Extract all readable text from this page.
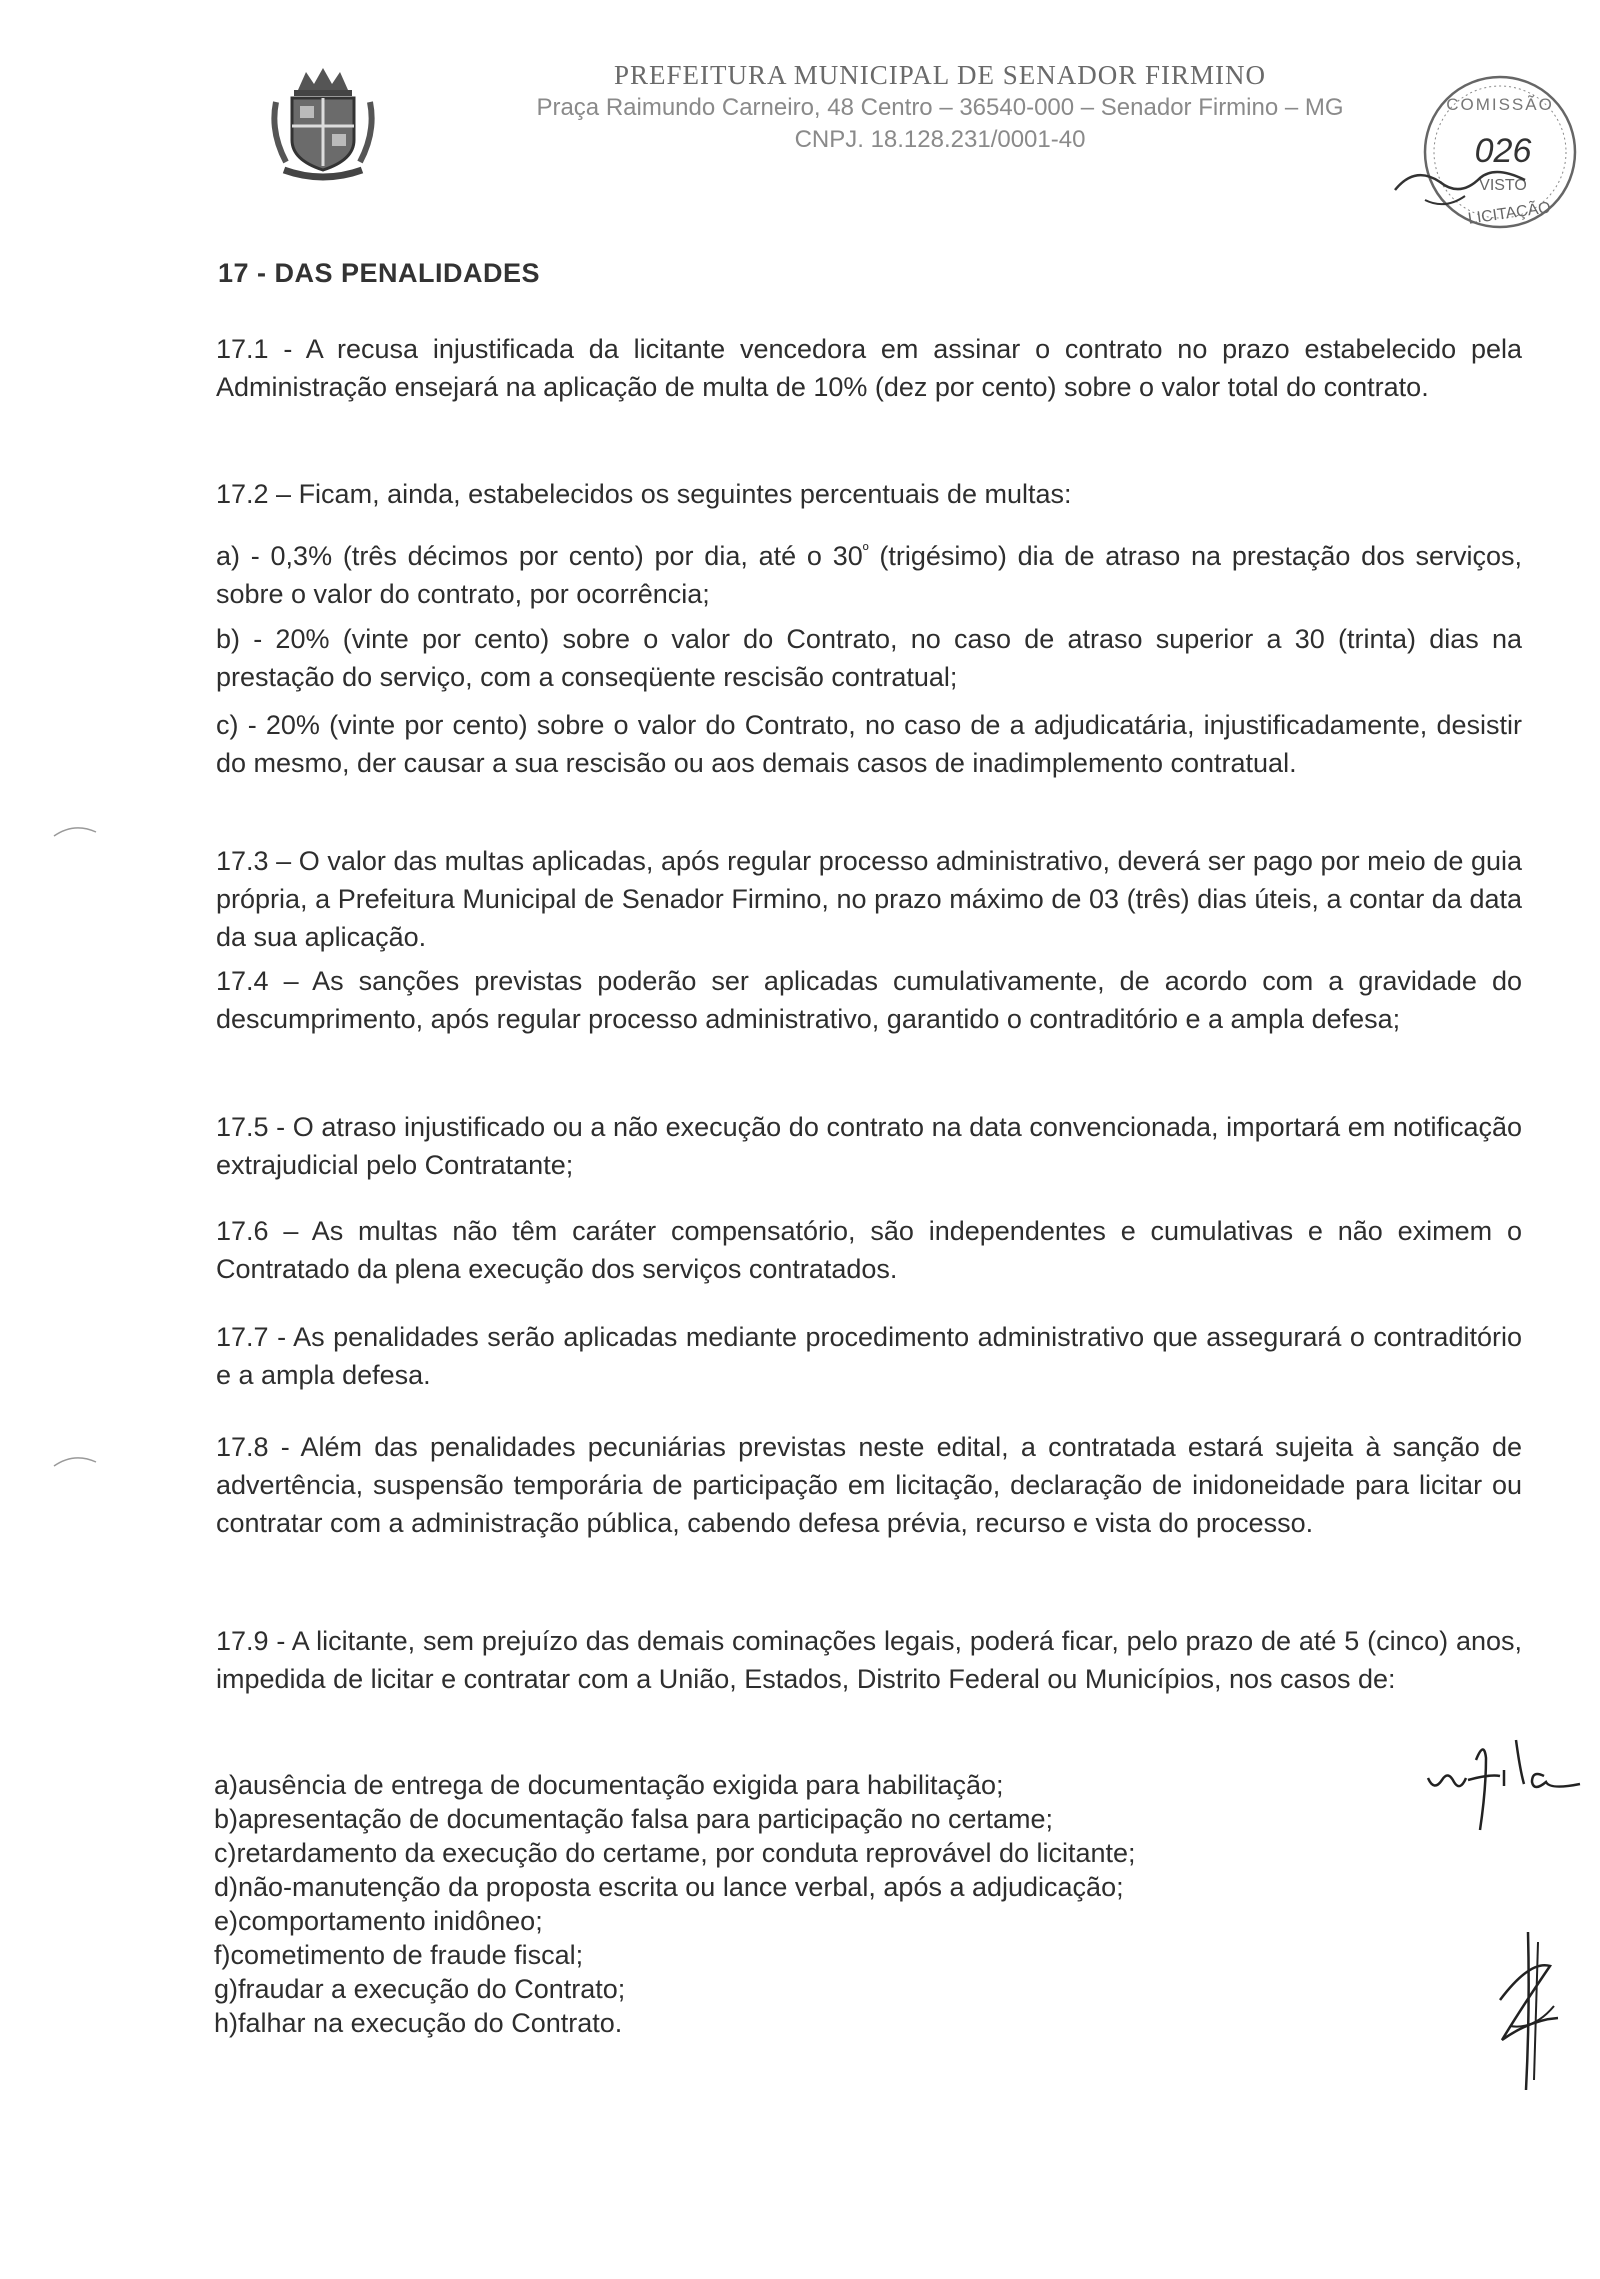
PREFEITURA MUNICIPAL DE SENADOR FIRMINO
Praça Raimundo Carneiro, 48 Centro – 36540-000 – Senador Firmino – MG
CNPJ. 18.128.231/0001-40
COMISSÃO
026
VISTO
LICITAÇÃO
17 - DAS PENALIDADES
17.1 - A recusa injustificada da licitante vencedora em assinar o contrato no prazo estabelecido pela Administração ensejará na aplicação de multa de 10% (dez por cento) sobre o valor total do contrato.
17.2 – Ficam, ainda, estabelecidos os seguintes percentuais de multas:
a) - 0,3% (três décimos por cento) por dia, até o $30^º$ (trigésimo) dia de atraso na prestação dos serviços, sobre o valor do contrato, por ocorrência;
b) - 20% (vinte por cento) sobre o valor do Contrato, no caso de atraso superior a 30 (trinta) dias na prestação do serviço, com a conseqüente rescisão contratual;
c) - 20% (vinte por cento) sobre o valor do Contrato, no caso de a adjudicatária, injustificadamente, desistir do mesmo, der causar a sua rescisão ou aos demais casos de inadimplemento contratual.
17.3 – O valor das multas aplicadas, após regular processo administrativo, deverá ser pago por meio de guia própria, a Prefeitura Municipal de Senador Firmino, no prazo máximo de 03 (três) dias úteis, a contar da data da sua aplicação.
17.4 – As sanções previstas poderão ser aplicadas cumulativamente, de acordo com a gravidade do descumprimento, após regular processo administrativo, garantido o contraditório e a ampla defesa;
17.5 - O atraso injustificado ou a não execução do contrato na data convencionada, importará em notificação extrajudicial pelo Contratante;
17.6 – As multas não têm caráter compensatório, são independentes e cumulativas e não eximem o Contratado da plena execução dos serviços contratados.
17.7 - As penalidades serão aplicadas mediante procedimento administrativo que assegurará o contraditório e a ampla defesa.
17.8 - Além das penalidades pecuniárias previstas neste edital, a contratada estará sujeita à sanção de advertência, suspensão temporária de participação em licitação, declaração de inidoneidade para licitar ou contratar com a administração pública, cabendo defesa prévia, recurso e vista do processo.
17.9 - A licitante, sem prejuízo das demais cominações legais, poderá ficar, pelo prazo de até 5 (cinco) anos, impedida de licitar e contratar com a União, Estados, Distrito Federal ou Municípios, nos casos de:
a)ausência de entrega de documentação exigida para habilitação;
b)apresentação de documentação falsa para participação no certame;
c)retardamento da execução do certame, por conduta reprovável do licitante;
d)não-manutenção da proposta escrita ou lance verbal, após a adjudicação;
e)comportamento inidôneo;
f)cometimento de fraude fiscal;
g)fraudar a execução do Contrato;
h)falhar na execução do Contrato.
